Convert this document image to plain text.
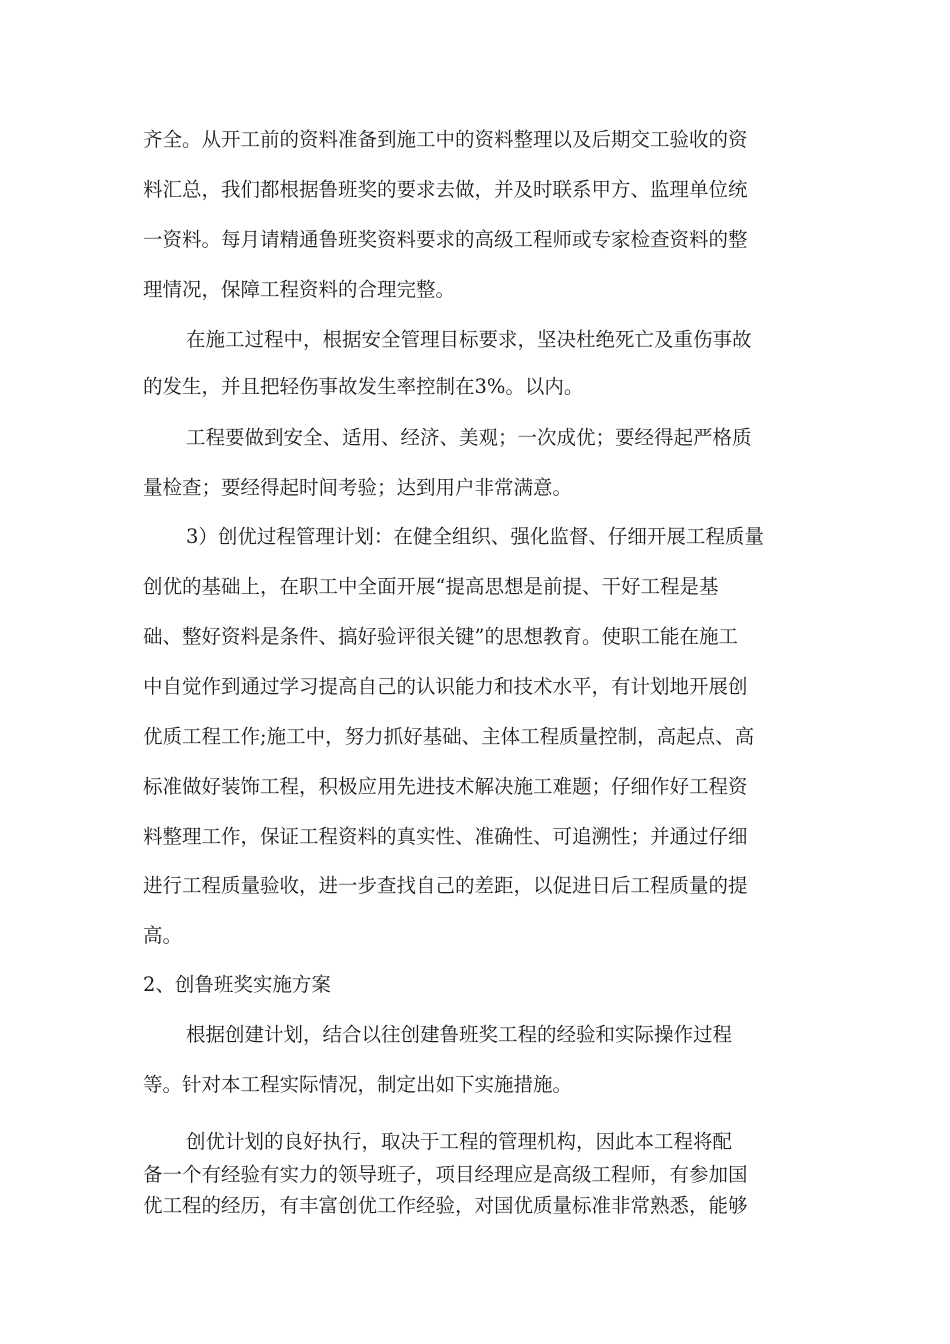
齐全。从开工前的资料准备到施工中的资料整理以及后期交工验收的资

料汇总，我们都根据鲁班奖的要求去做，并及时联系甲方、监理单位统

一资料。每月请精通鲁班奖资料要求的高级工程师或专家检查资料的整

理情况，保障工程资料的合理完整。

在施工过程中，根据安全管理目标要求，坚决杜绝死亡及重伤事故

的发生，并且把轻伤事故发生率控制在3%。以内。

工程要做到安全、适用、经济、美观；一次成优；要经得起严格质

量检查；要经得起时间考验；达到用户非常满意。

3）创优过程管理计划：在健全组织、强化监督、仔细开展工程质量

创优的基础上，在职工中全面开展“提高思想是前提、干好工程是基

础、整好资料是条件、搞好验评很关键”的思想教育。使职工能在施工

中自觉作到通过学习提高自己的认识能力和技术水平，有计划地开展创

优质工程工作;施工中，努力抓好基础、主体工程质量控制，高起点、高

标准做好装饰工程，积极应用先进技术解决施工难题；仔细作好工程资

料整理工作，保证工程资料的真实性、准确性、可追溯性；并通过仔细

进行工程质量验收，进一步查找自己的差距，以促进日后工程质量的提

高。

2、创鲁班奖实施方案

根据创建计划，结合以往创建鲁班奖工程的经验和实际操作过程

等。针对本工程实际情况，制定出如下实施措施。

创优计划的良好执行，取决于工程的管理机构，因此本工程将配

备一个有经验有实力的领导班子，项目经理应是高级工程师，有参加国

优工程的经历，有丰富创优工作经验，对国优质量标准非常熟悉，能够
